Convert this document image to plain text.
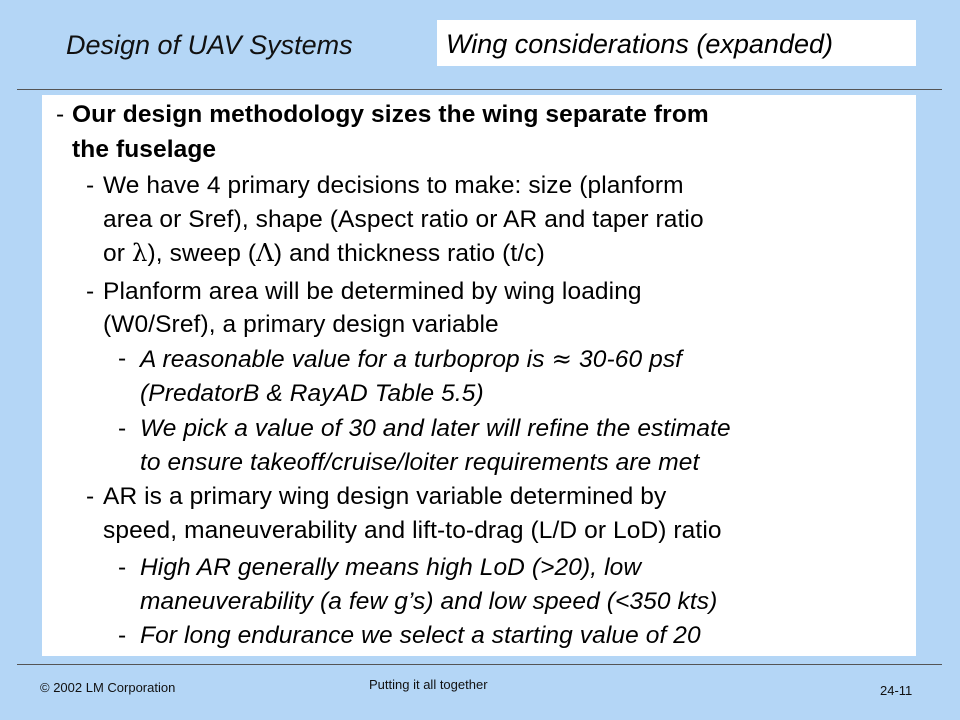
Design of UAV Systems	Wing considerations (expanded)
- Our design methodology sizes the wing separate from
the fuselage
- We have 4 primary decisions to make: size (planform
area or Sref), shape (Aspect ratio or AR and taper ratio
or λ), sweep (Λ) and thickness ratio (t/c)
- Planform area will be determined by wing loading
(W0/Sref), a primary design variable
- A reasonable value for a turboprop is ≈ 30-60 psf
(PredatorB & RayAD Table 5.5)
- We pick a value of 30 and later will refine the estimate
to ensure takeoff/cruise/loiter requirements are met
- AR is a primary wing design variable determined by
speed, maneuverability and lift-to-drag (L/D or LoD) ratio
- High AR generally means high LoD (>20), low
maneuverability (a few g’s) and low speed (<350 kts)
- For long endurance we select a starting value of 20
© 2002 LM Corporation	Putting it all together	24-11
